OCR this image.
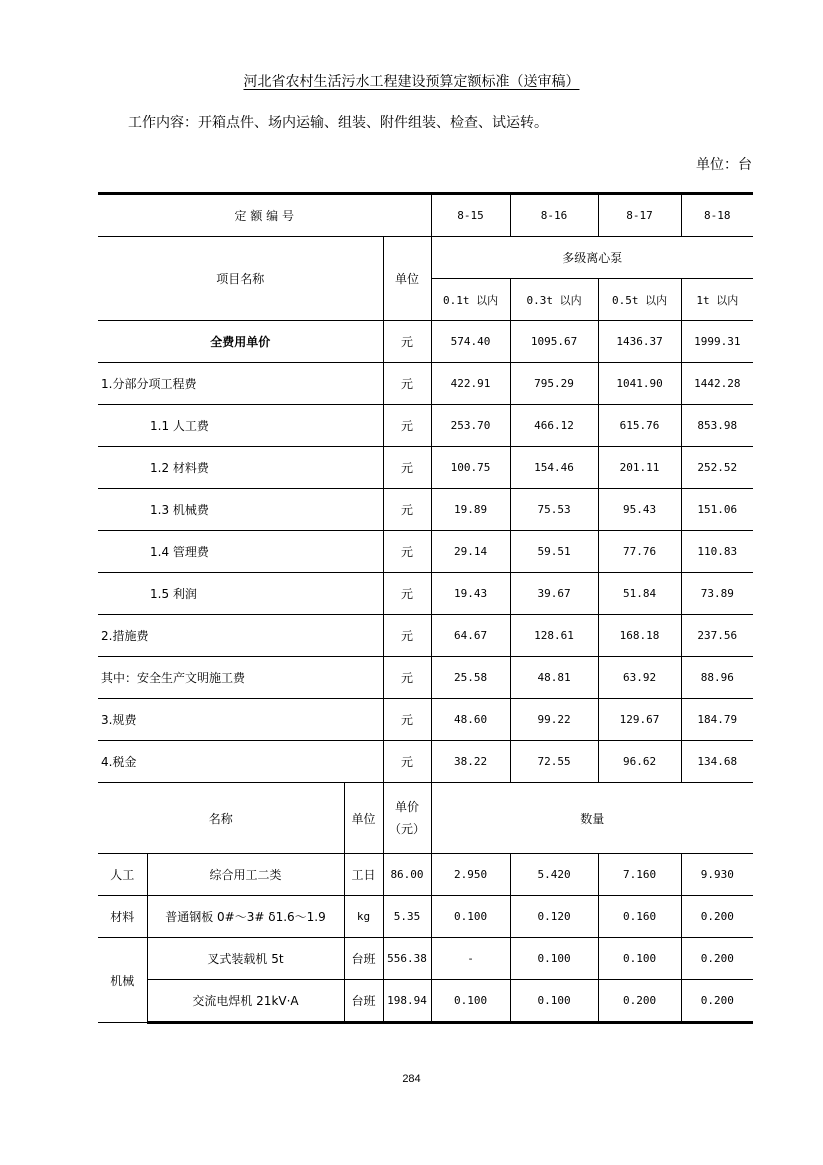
河北省农村生活污水工程建设预算定额标准（送审稿）
工作内容：开箱点件、场内运输、组装、附件组装、检查、试运转。
单位：台
定 额 编 号				8-15	8-16	8-17	8-18
项目名称			单位	多级离心泵			
				0.1t 以内	0.3t 以内	0.5t 以内	1t 以内
全费用单价			元	574.40	1095.67	1436.37	1999.31
1.分部分项工程费			元	422.91	795.29	1041.90	1442.28
1.1 人工费			元	253.70	466.12	615.76	853.98
1.2 材料费			元	100.75	154.46	201.11	252.52
1.3 机械费			元	19.89	75.53	95.43	151.06
1.4 管理费			元	29.14	59.51	77.76	110.83
1.5 利润			元	19.43	39.67	51.84	73.89
2.措施费			元	64.67	128.61	168.18	237.56
其中：安全生产文明施工费			元	25.58	48.81	63.92	88.96
3.规费			元	48.60	99.22	129.67	184.79
4.税金			元	38.22	72.55	96.62	134.68
名称		单位	单价
（元）	数量			
人工	综合用工二类	工日	86.00	2.950	5.420	7.160	9.930
材料	普通钢板 0#～3# δ1.6～1.9	kg	5.35	0.100	0.120	0.160	0.200
机械	叉式装载机 5t	台班	556.38	-	0.100	0.100	0.200
	交流电焊机 21kV·A	台班	198.94	0.100	0.100	0.200	0.200
284
